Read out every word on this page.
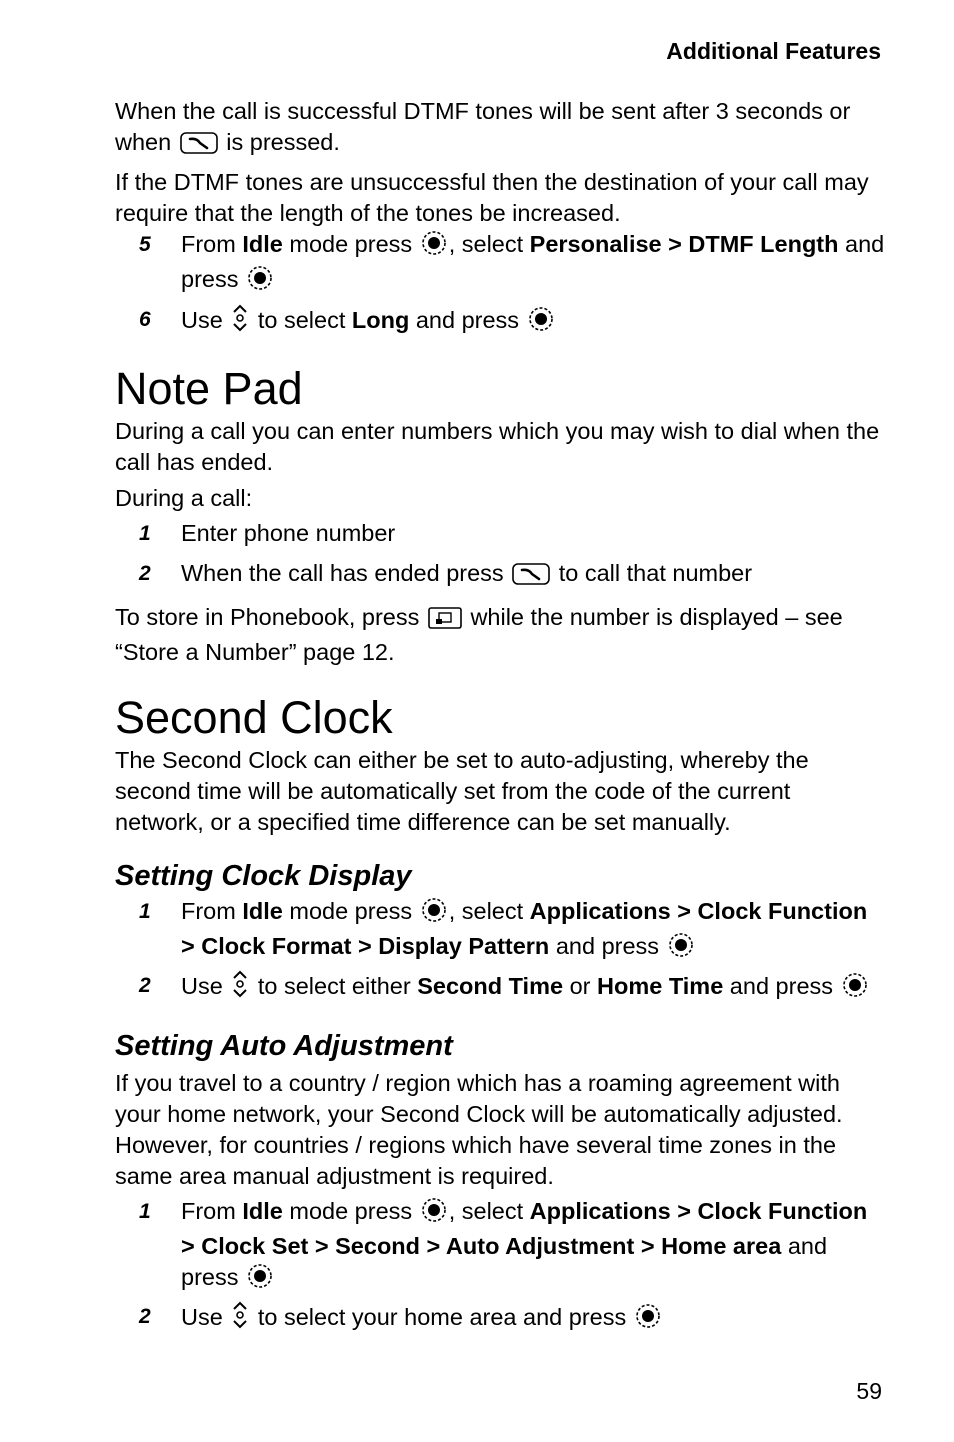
Additional Features

When the call is successful DTMF tones will be sent after 3 seconds or when is pressed.

If the DTMF tones are unsuccessful then the destination of your call may require that the length of the tones be increased.

5	From Idle mode press , select Personalise > DTMF Length and press
6	Use  to select Long and press
Note Pad

During a call you can enter numbers which you may wish to dial when the call has ended.

During a call:

1	Enter phone number
2	When the call has ended press to call that number

To store in Phonebook, press while the number is displayed – see “Store a Number” page 12.

Second Clock

The Second Clock can either be set to auto-adjusting, whereby the second time will be automatically set from the code of the current network, or a specified time difference can be set manually.

Setting Clock Display
1	From Idle mode press , select Applications > Clock Function > Clock Format > Display Pattern and press
2	Use  to select either Second Time or Home Time and press
Setting Auto Adjustment

If you travel to a country / region which has a roaming agreement with your home network, your Second Clock will be automatically adjusted. However, for countries / regions which have several time zones in the same area manual adjustment is required.

1	From Idle mode press , select Applications > Clock Function > Clock Set > Second > Auto Adjustment > Home area and press
2	Use  to select your home area and press
59
